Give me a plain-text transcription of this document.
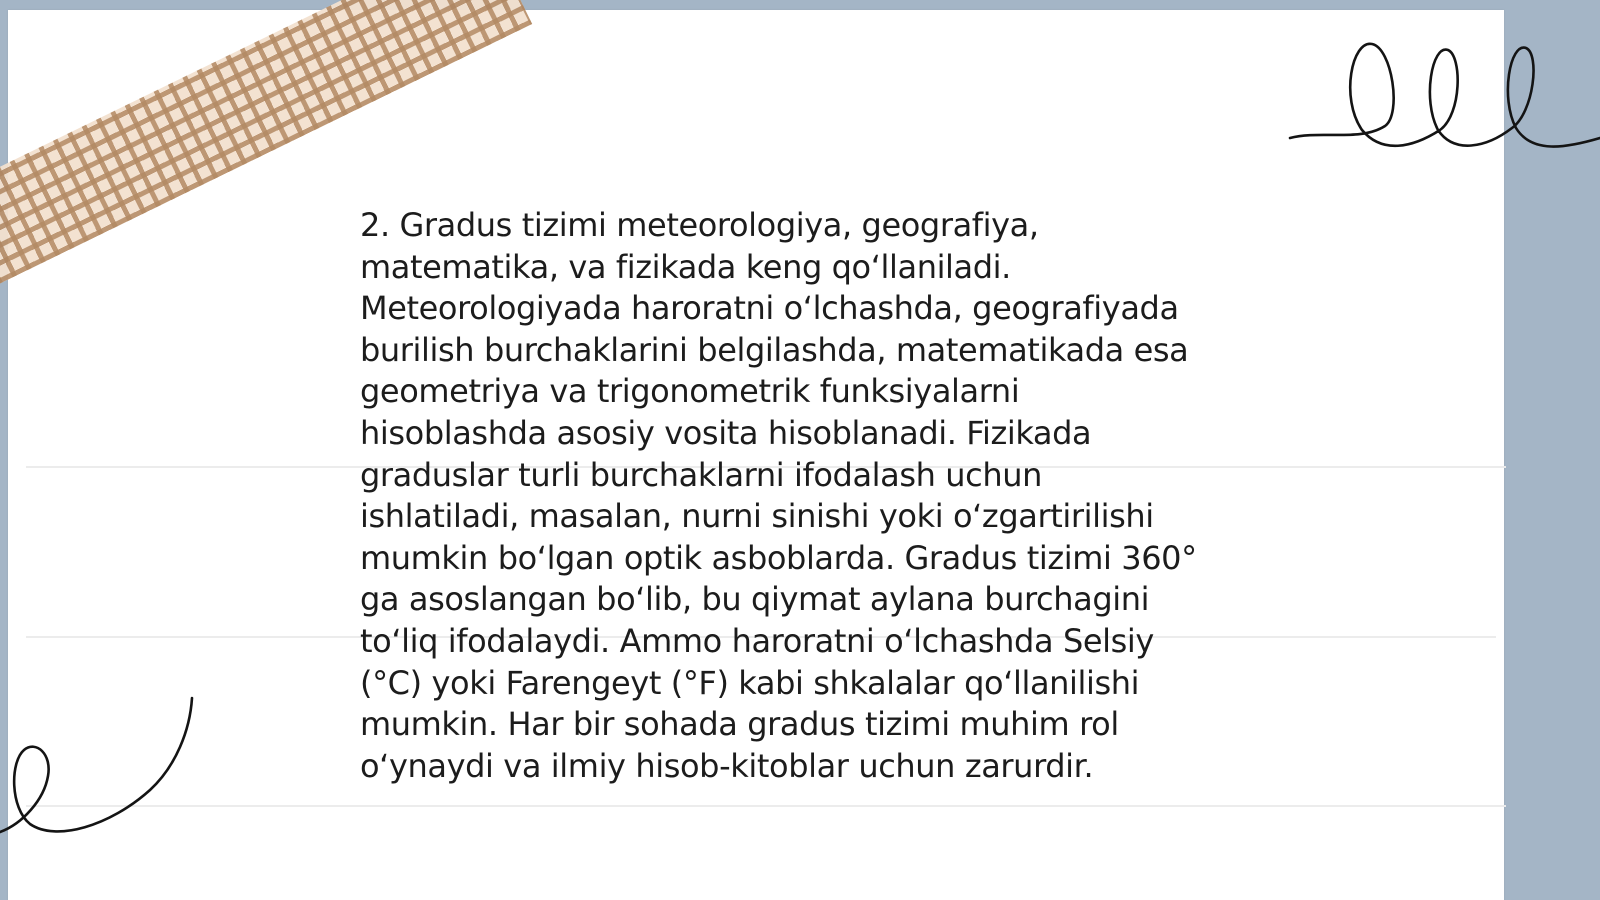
2. Gradus tizimi meteorologiya, geografiya,
matematika, va fizikada keng qo‘llaniladi.
Meteorologiyada haroratni o‘lchashda, geografiyada
burilish burchaklarini belgilashda, matematikada esa
geometriya va trigonometrik funksiyalarni
hisoblashda asosiy vosita hisoblanadi. Fizikada
graduslar turli burchaklarni ifodalash uchun
ishlatiladi, masalan, nurni sinishi yoki o‘zgartirilishi
mumkin bo‘lgan optik asboblarda. Gradus tizimi 360°
ga asoslangan bo‘lib, bu qiymat aylana burchagini
to‘liq ifodalaydi. Ammo haroratni o‘lchashda Selsiy
(°C) yoki Farengeyt (°F) kabi shkalalar qo‘llanilishi
mumkin. Har bir sohada gradus tizimi muhim rol
o‘ynaydi va ilmiy hisob-kitoblar uchun zarurdir.
